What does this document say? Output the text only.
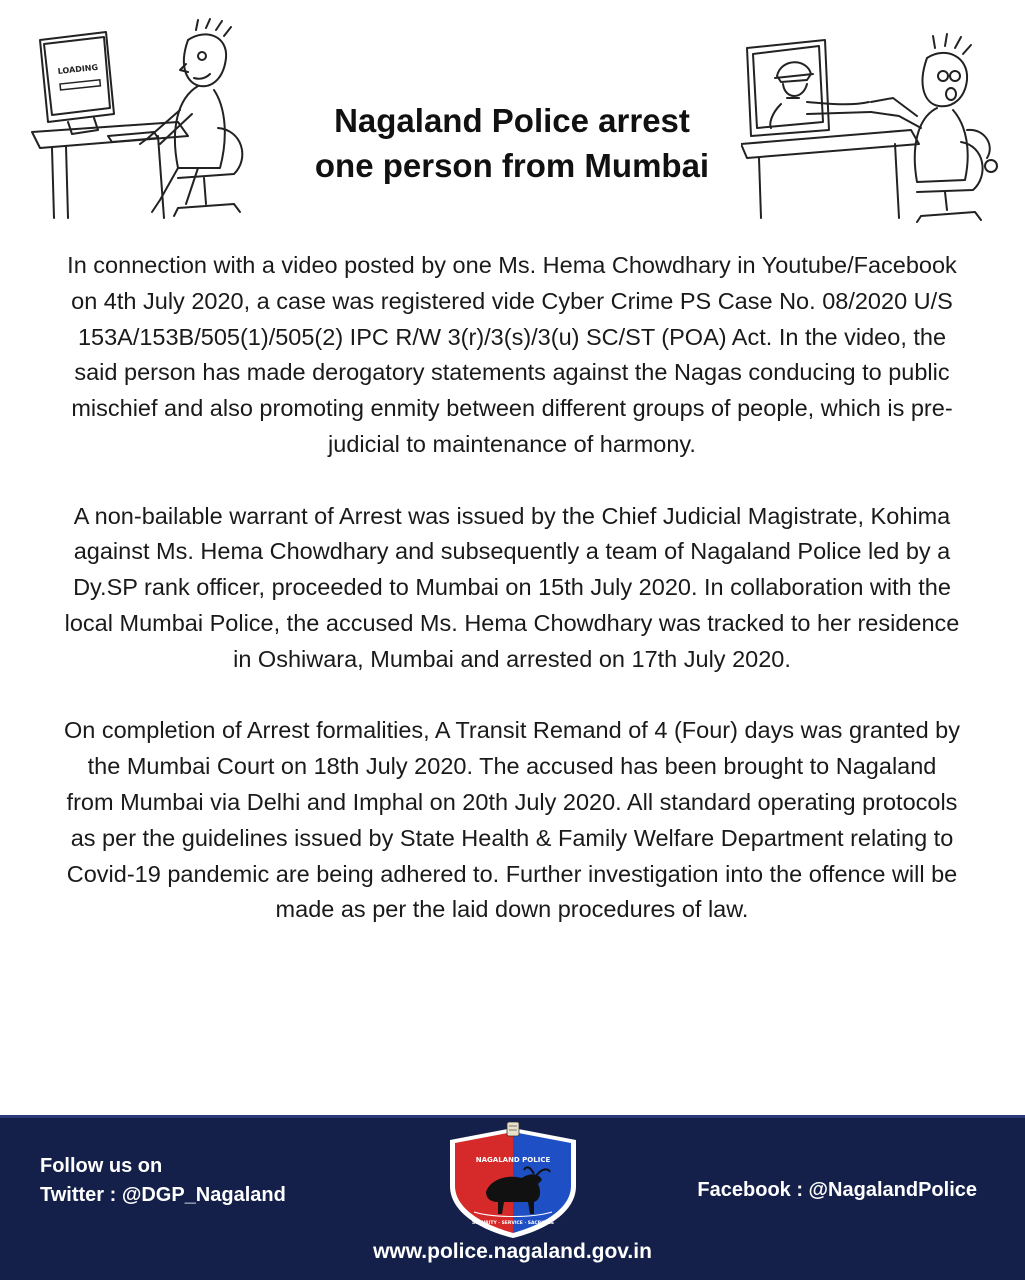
LOADING
Nagaland Police arrest
one person from Mumbai

In connection with a video posted by one Ms. Hema Chowdhary in Youtube/Facebook on 4th July 2020, a case was registered vide Cyber Crime PS Case No. 08/2020 U/S 153A/153B/505(1)/505(2) IPC R/W 3(r)/3(s)/3(u) SC/ST (POA) Act. In the video, the said person has made derogatory statements against the Nagas conducing to public mischief and also promoting enmity between different groups of people, which is pre-judicial to maintenance of harmony.

A non-bailable warrant of Arrest was issued by the Chief Judicial Magistrate, Kohima against Ms. Hema Chowdhary and subsequently a team of Nagaland Police led by a Dy.SP rank officer, proceeded to Mumbai on 15th July 2020. In collaboration with the local Mumbai Police, the accused Ms. Hema Chowdhary was tracked to her residence in Oshiwara, Mumbai and arrested on 17th July 2020.

On completion of Arrest formalities, A Transit Remand of 4 (Four) days was granted by the Mumbai Court on 18th July 2020. The accused has been brought to Nagaland from Mumbai via Delhi and Imphal on 20th July 2020. All standard operating protocols as per the guidelines issued by State Health & Family Welfare Department relating to Covid-19 pandemic are being adhered to. Further investigation into the offence will be made as per the laid down procedures of law.

Follow us on
Twitter : @DGP_Nagaland
NAGALAND POLICE
SECURITY · SERVICE · SACRIFICE
Facebook : @NagalandPolice
www.police.nagaland.gov.in
